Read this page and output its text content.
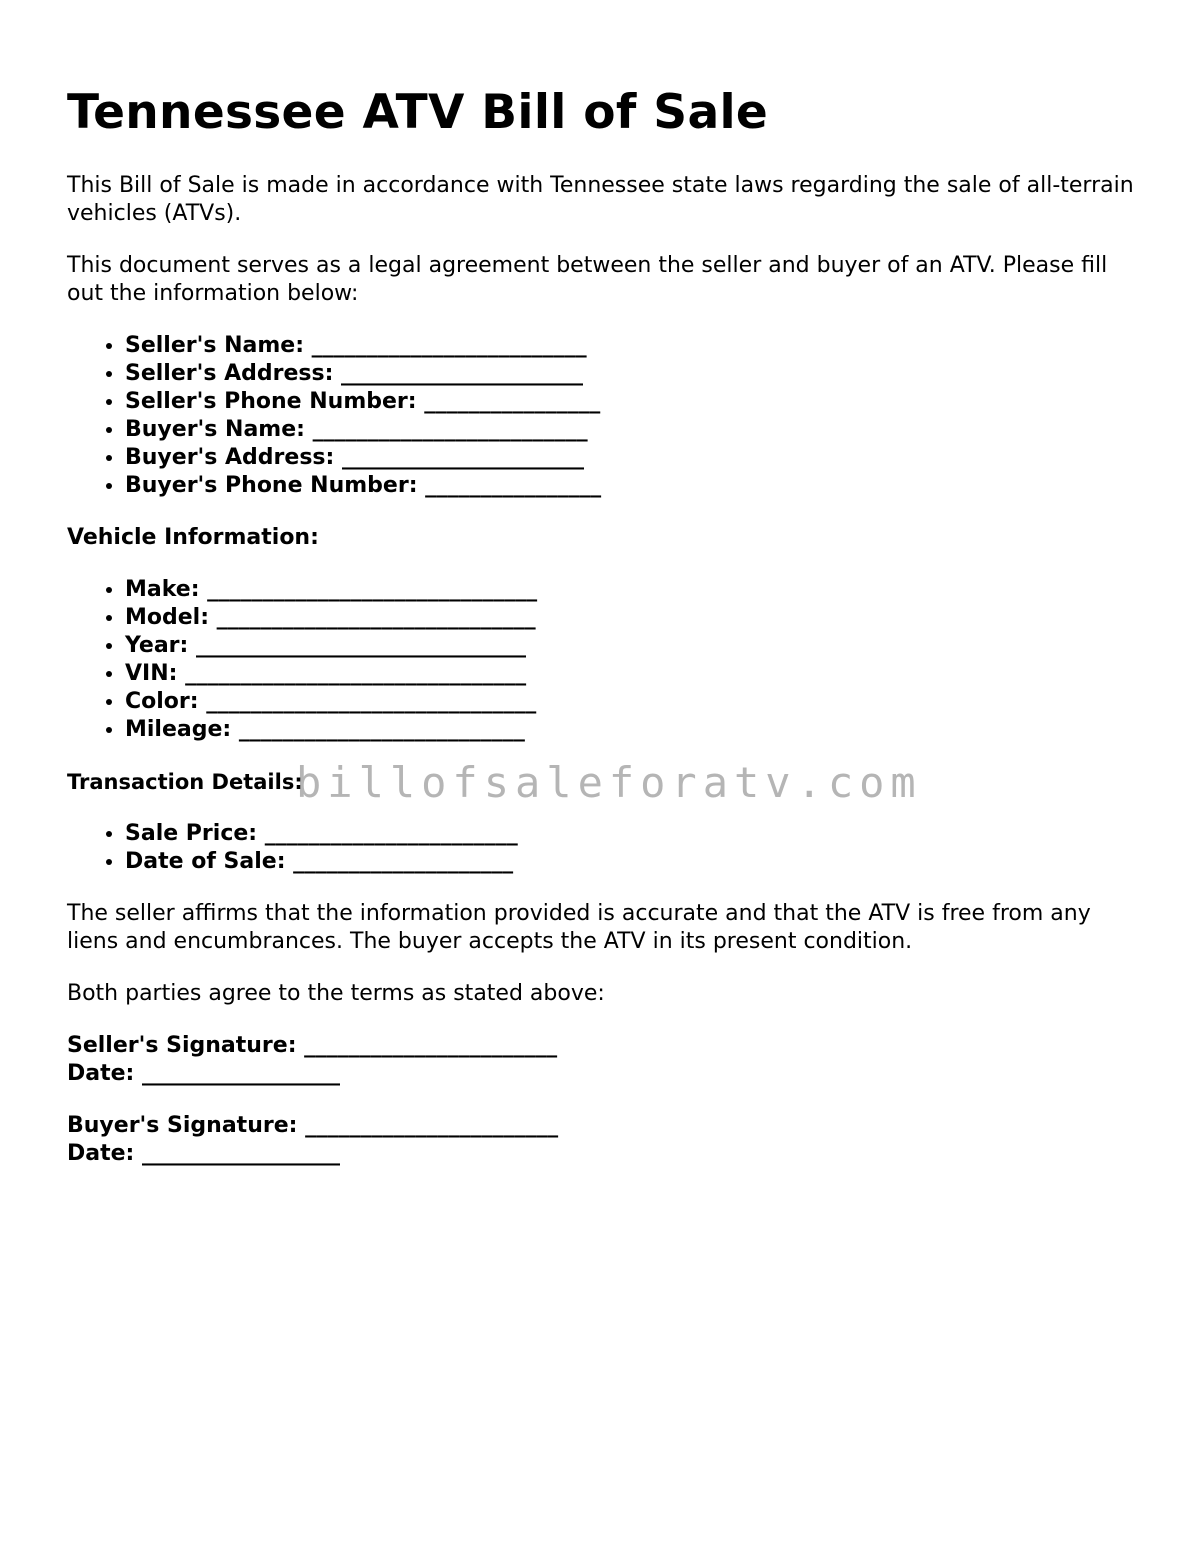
Tennessee ATV Bill of Sale

This Bill of Sale is made in accordance with Tennessee state laws regarding the sale of all-terrain vehicles (ATVs).

This document serves as a legal agreement between the seller and buyer of an ATV. Please fill out the information below:

• Seller's Name: _________________________
• Seller's Address: ______________________
• Seller's Phone Number: ________________
• Buyer's Name: _________________________
• Buyer's Address: ______________________
• Buyer's Phone Number: ________________
Vehicle Information:
• Make: ______________________________
• Model: _____________________________
• Year: ______________________________
• VIN: _______________________________
• Color: ______________________________
• Mileage: __________________________
Transaction Details:
• Sale Price: _______________________
• Date of Sale: ____________________

The seller affirms that the information provided is accurate and that the ATV is free from any liens and encumbrances. The buyer accepts the ATV in its present condition.

Both parties agree to the terms as stated above:

Seller's Signature: _______________________
Date: __________________
Buyer's Signature: _______________________
Date: __________________
billofsaleforatv.com
